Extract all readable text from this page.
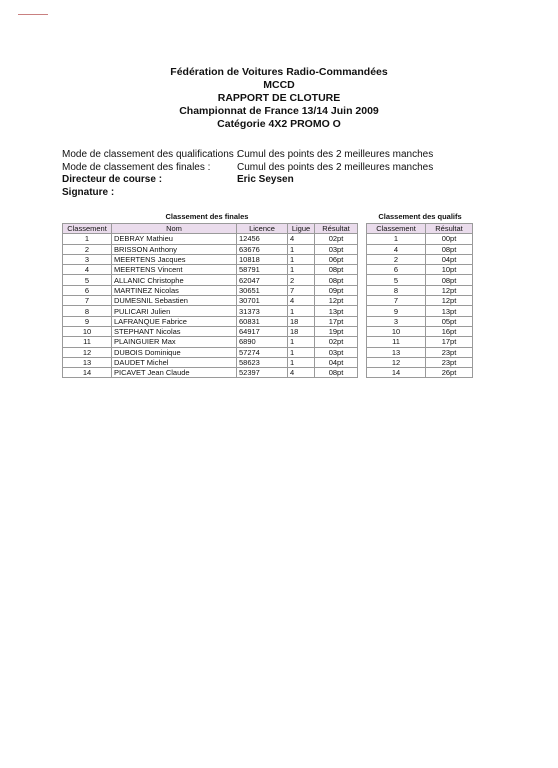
Fédération de Voitures Radio-Commandées
MCCD
RAPPORT DE CLOTURE
Championnat de France 13/14 Juin 2009
Catégorie 4X2 PROMO O
Mode de classement des qualifications :
Cumul des points des 2 meilleures manches
Mode de classement des finales :	Cumul des points des 2 meilleures manches
Directeur de course :	Eric Seysen
Signature :
Classement des finales
Classement	Nom	Licence	Ligue	Résultat
1	DEBRAY Mathieu	12456	4	02pt
2	BRISSON Anthony	63676	1	03pt
3	MEERTENS Jacques	10818	1	06pt
4	MEERTENS Vincent	58791	1	08pt
5	ALLANIC Christophe	62047	2	08pt
6	MARTINEZ Nicolas	30651	7	09pt
7	DUMESNIL Sebastien	30701	4	12pt
8	PULICARI Julien	31373	1	13pt
9	LAFRANQUE Fabrice	60831	18	17pt
10	STEPHANT Nicolas	64917	18	19pt
11	PLAINGUIER Max	6890	1	02pt
12	DUBOIS Dominique	57274	1	03pt
13	DAUDET Michel	58623	1	04pt
14	PICAVET Jean Claude	52397	4	08pt
Classement des qualifs
Classement	Résultat
1	00pt
4	08pt
2	04pt
6	10pt
5	08pt
8	12pt
7	12pt
9	13pt
3	05pt
10	16pt
11	17pt
13	23pt
12	23pt
14	26pt
